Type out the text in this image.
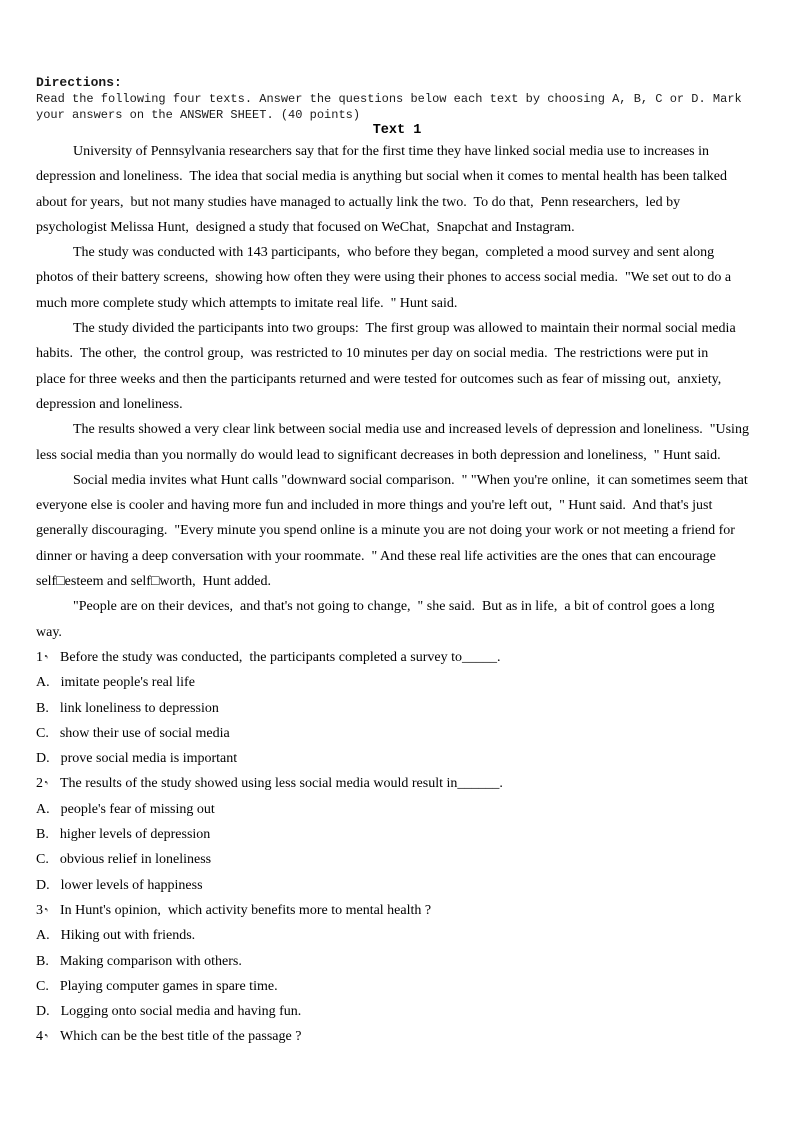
Directions:
Read the following four texts. Answer the questions below each text by choosing A, B, C or D. Mark
your answers on the ANSWER SHEET. (40 points)
Text 1
University of Pennsylvania researchers say that for the first time they have linked social media use to increases in
depression and loneliness.  The idea that social media is anything but social when it comes to mental health has been talked
about for years,  but not many studies have managed to actually link the two.  To do that,  Penn researchers,  led by
psychologist Melissa Hunt,  designed a study that focused on WeChat,  Snapchat and Instagram.
The study was conducted with 143 participants,  who before they began,  completed a mood survey and sent along
photos of their battery screens,  showing how often they were using their phones to access social media.  "We set out to do a
much more complete study which attempts to imitate real life.  " Hunt said.
The study divided the participants into two groups:  The first group was allowed to maintain their normal social media
habits.  The other,  the control group,  was restricted to 10 minutes per day on social media.  The restrictions were put in
place for three weeks and then the participants returned and were tested for outcomes such as fear of missing out,  anxiety,
depression and loneliness.
The results showed a very clear link between social media use and increased levels of depression and loneliness.  "Using
less social media than you normally do would lead to significant decreases in both depression and loneliness,  " Hunt said.
Social media invites what Hunt calls "downward social comparison.  " "When you're online,  it can sometimes seem that
everyone else is cooler and having more fun and included in more things and you're left out,  " Hunt said.  And that's just
generally discouraging.  "Every minute you spend online is a minute you are not doing your work or not meeting a friend for
dinner or having a deep conversation with your roommate.  " And these real life activities are the ones that can encourage
self□esteem and self□worth,  Hunt added.
"People are on their devices,  and that's not going to change,  " she said.  But as in life,  a bit of control goes a long
way.
1 , Before the study was conducted,  the participants completed a survey to_____.
A . imitate people's real life
B . link loneliness to depression
C . show their use of social media
D . prove social media is important
2 , The results of the study showed using less social media would result in______.
A . people's fear of missing out
B . higher levels of depression
C . obvious relief in loneliness
D . lower levels of happiness
3 , In Hunt's opinion,  which activity benefits more to mental health ?
A . Hiking out with friends.
B . Making comparison with others.
C . Playing computer games in spare time.
D . Logging onto social media and having fun.
4 , Which can be the best title of the passage ?
